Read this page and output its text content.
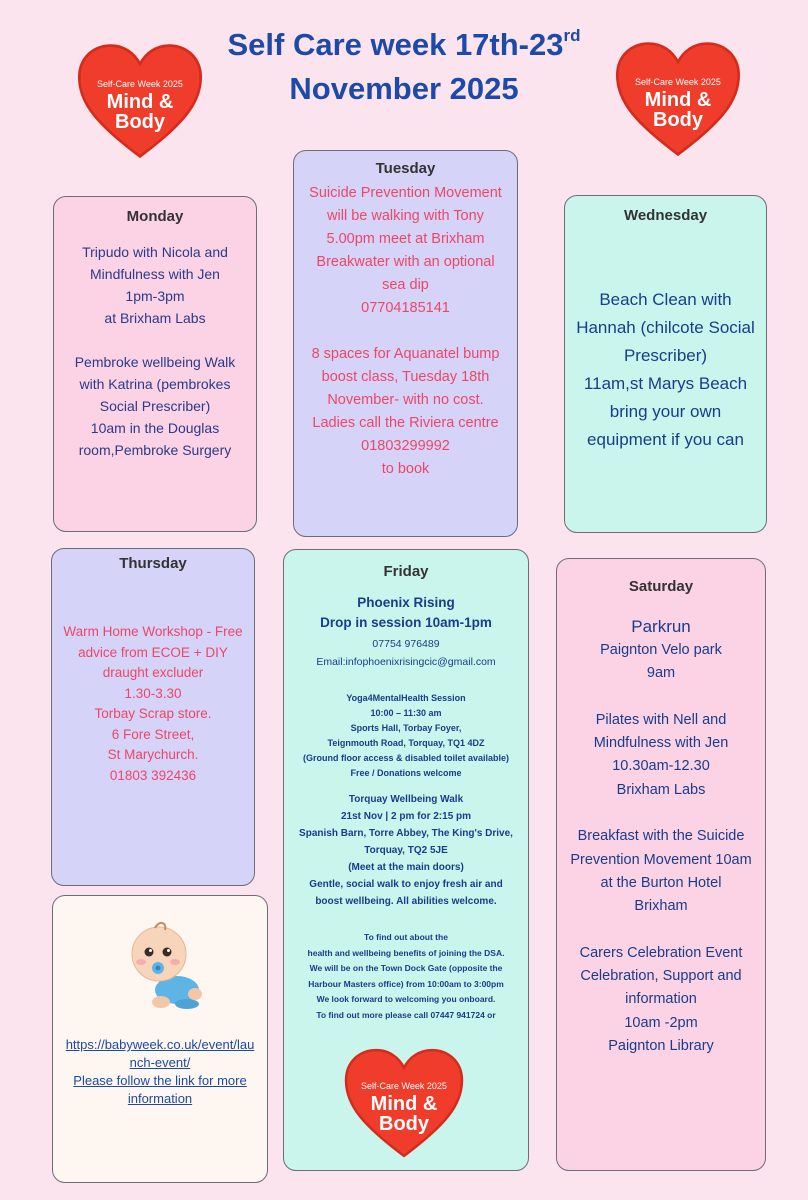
Self Care week 17th-23rd
November 2025
Self-Care Week 2025
Mind &
Body
Self-Care Week 2025
Mind &
Body
Monday

Tripudo with Nicola and

Mindfulness with Jen

1pm-3pm

at Brixham Labs

Pembroke wellbeing Walk

with Katrina (pembrokes

Social Prescriber)

10am in the Douglas

room,Pembroke Surgery

Tuesday

Suicide Prevention Movement

will be walking with Tony

5.00pm meet at Brixham

Breakwater with an optional

sea dip

07704185141

8 spaces for Aquanatel bump

boost class, Tuesday 18th

November- with no cost.

Ladies call the Riviera centre

01803299992

to book

Wednesday

Beach Clean with

Hannah (chilcote Social

Prescriber)

11am,st Marys Beach

bring your own

equipment if you can

Thursday

Warm Home Workshop - Free

advice from ECOE + DIY

draught excluder

1.30-3.30

Torbay Scrap store.

6 Fore Street,

St Marychurch.

01803 392436

Friday

Phoenix Rising

Drop in session 10am-1pm

07754 976489

Email:infophoenixrisingcic@gmail.com

Yoga4MentalHealth Session

10:00 – 11:30 am

Sports Hall, Torbay Foyer,

Teignmouth Road, Torquay, TQ1 4DZ

(Ground floor access & disabled toilet available)

Free / Donations welcome

Torquay Wellbeing Walk

21st Nov | 2 pm for 2:15 pm

Spanish Barn, Torre Abbey, The King's Drive,

Torquay, TQ2 5JE

(Meet at the main doors)

Gentle, social walk to enjoy fresh air and

boost wellbeing. All abilities welcome.

To find out about the

health and wellbeing benefits of joining the DSA.

We will be on the Town Dock Gate (opposite the

Harbour Masters office) from 10:00am to 3:00pm

We look forward to welcoming you onboard.

To find out more please call 07447 941724 or

Self-Care Week 2025
Mind &
Body
Saturday
Parkrun

Paignton Velo park

9am

Pilates with Nell and

Mindfulness with Jen

10.30am-12.30

Brixham Labs

Breakfast with the Suicide

Prevention Movement 10am

at the Burton Hotel

Brixham

Carers Celebration Event

Celebration, Support and

information

10am -2pm

Paignton Library

https://babyweek.co.uk/event/lau
nch-event/
Please follow the link for more
information
